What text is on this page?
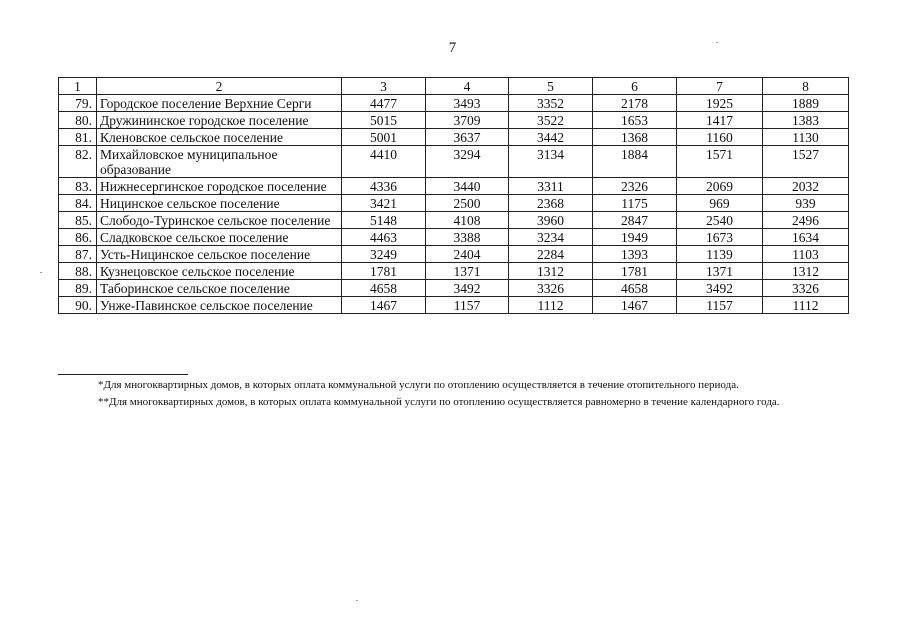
7
1	2	3	4	5	6	7	8
79.	Городское поселение Верхние Серги	4477	3493	3352	2178	1925	1889
80.	Дружининское городское поселение	5015	3709	3522	1653	1417	1383
81.	Кленовское сельское поселение	5001	3637	3442	1368	1160	1130
82.	Михайловское муниципальное образование	4410	3294	3134	1884	1571	1527
83.	Нижнесергинское городское поселение	4336	3440	3311	2326	2069	2032
84.	Ницинское сельское поселение	3421	2500	2368	1175	969	939
85.	Слободо-Туринское сельское поселение	5148	4108	3960	2847	2540	2496
86.	Сладковское сельское поселение	4463	3388	3234	1949	1673	1634
87.	Усть-Ницинское сельское поселение	3249	2404	2284	1393	1139	1103
88.	Кузнецовское сельское поселение	1781	1371	1312	1781	1371	1312
89.	Таборинское сельское поселение	4658	3492	3326	4658	3492	3326
90.	Унже-Павинское сельское поселение	1467	1157	1112	1467	1157	1112

*Для многоквартирных домов, в которых оплата коммунальной услуги по отоплению осуществляется в течение отопительного периода.

**Для многоквартирных домов, в которых оплата коммунальной услуги по отоплению осуществляется равномерно в течение календарного года.
